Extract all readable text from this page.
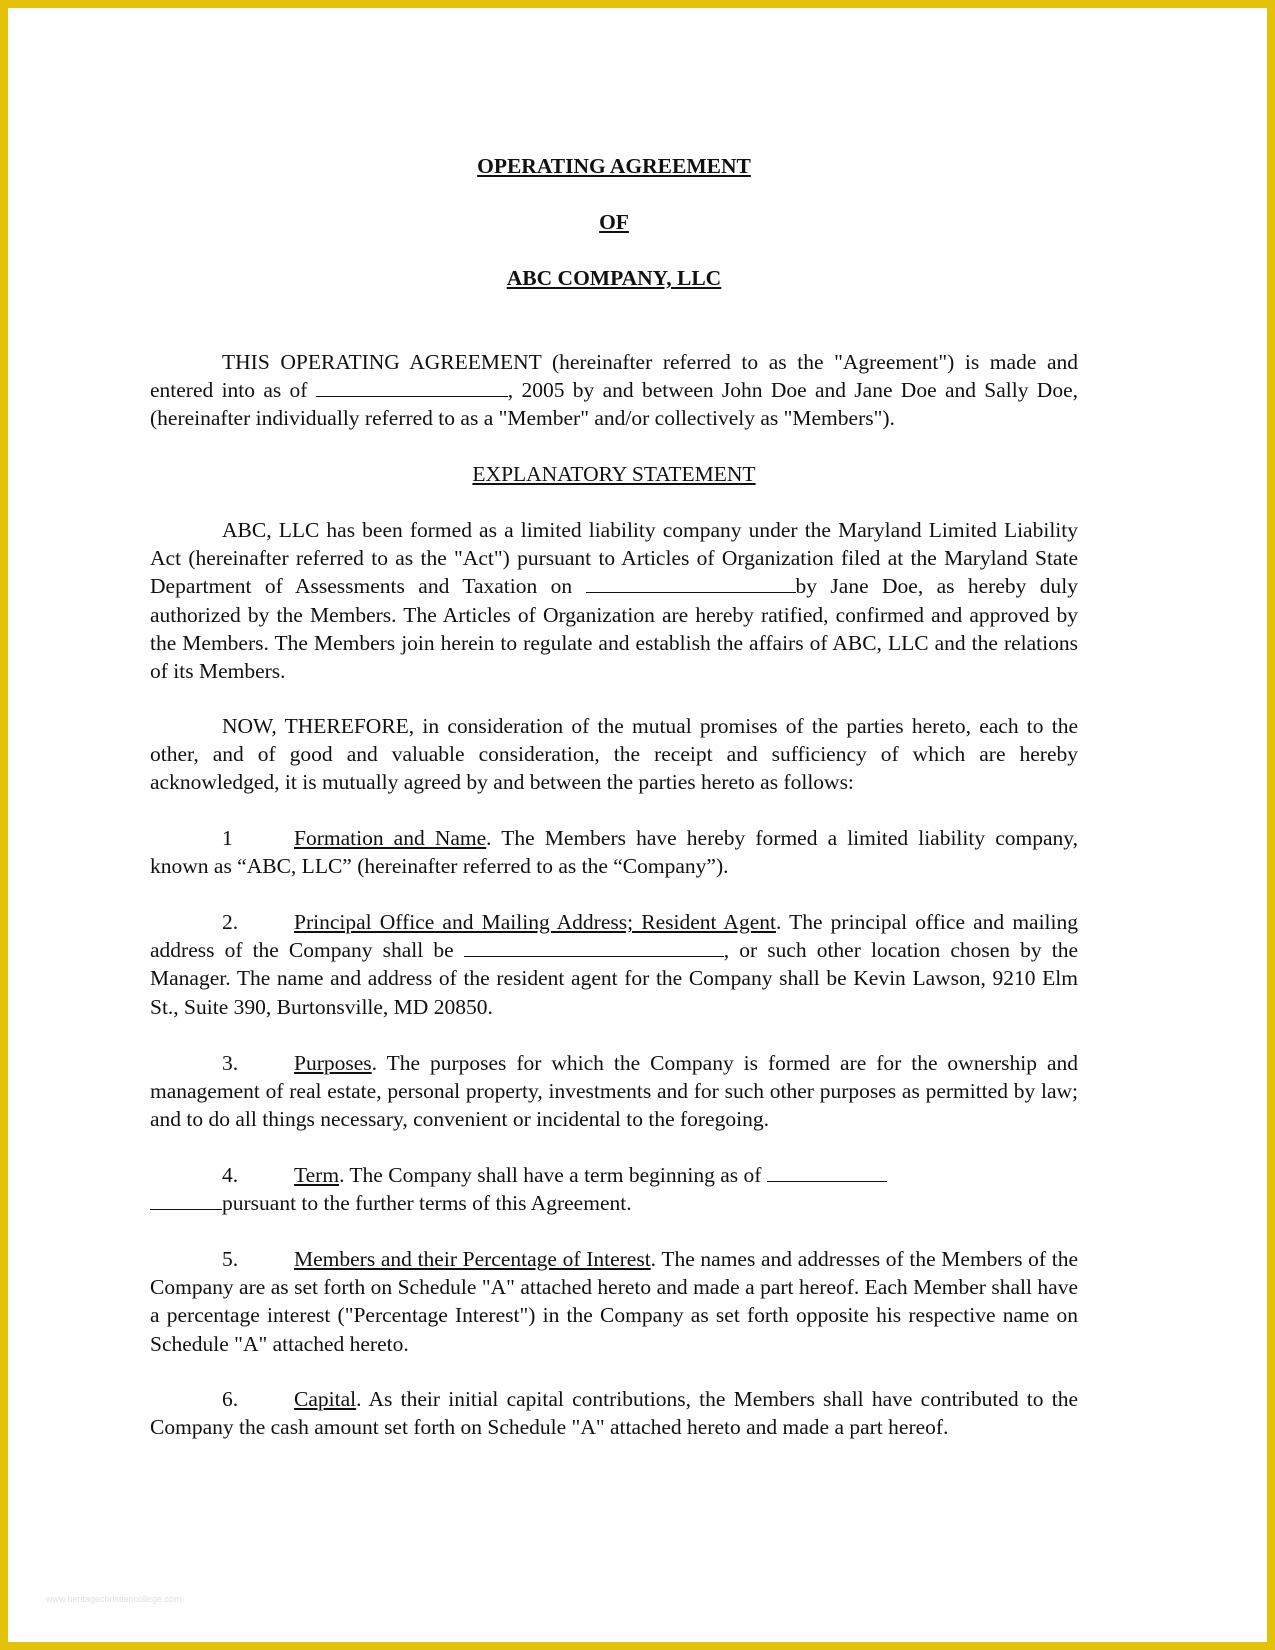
OPERATING AGREEMENT

OF

ABC COMPANY, LLC

THIS OPERATING AGREEMENT (hereinafter referred to as the "Agreement") is made and entered into as of	, 2005 by and between John Doe and Jane Doe and Sally Doe, (hereinafter individually referred to as a "Member" and/or collectively as "Members").

EXPLANATORY STATEMENT

ABC, LLC has been formed as a limited liability company under the Maryland Limited Liability Act (hereinafter referred to as the "Act") pursuant to Articles of Organization filed at the Maryland State Department of Assessments and Taxation on	by Jane Doe, as hereby duly authorized by the Members. The Articles of Organization are hereby ratified, confirmed and approved by the Members. The Members join herein to regulate and establish the affairs of ABC, LLC and the relations of its Members.

NOW, THEREFORE, in consideration of the mutual promises of the parties hereto, each to the other, and of good and valuable consideration, the receipt and sufficiency of which are hereby acknowledged, it is mutually agreed by and between the parties hereto as follows:

1	Formation and Name. The Members have hereby formed a limited liability company, known as “ABC, LLC” (hereinafter referred to as the “Company”).

2.	Principal Office and Mailing Address; Resident Agent. The principal office and mailing address of the Company shall be	, or such other location chosen by the Manager. The name and address of the resident agent for the Company shall be Kevin Lawson, 9210 Elm St., Suite 390, Burtonsville, MD 20850.

3.	Purposes. The purposes for which the Company is formed are for the ownership and management of real estate, personal property, investments and for such other purposes as permitted by law; and to do all things necessary, convenient or incidental to the foregoing.

4.	Term. The Company shall have a term beginning as of
pursuant to the further terms of this Agreement.

5.	Members and their Percentage of Interest. The names and addresses of the Members of the Company are as set forth on Schedule "A" attached hereto and made a part hereof. Each Member shall have a percentage interest ("Percentage Interest") in the Company as set forth opposite his respective name on Schedule "A" attached hereto.

6.	Capital. As their initial capital contributions, the Members shall have contributed to the Company the cash amount set forth on Schedule "A" attached hereto and made a part hereof.

www.heritagechristiancollege.com
